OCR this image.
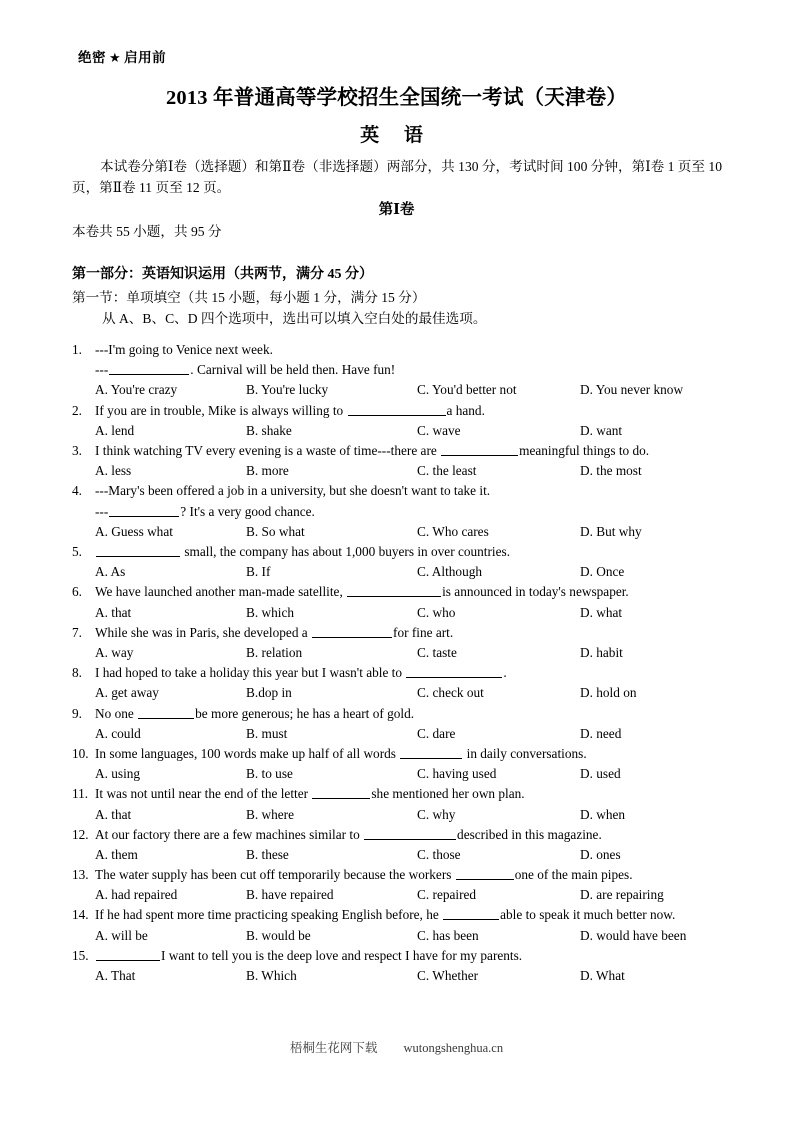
绝密 ★ 启用前
2013 年普通高等学校招生全国统一考试（天津卷）
英 语
本试卷分第Ⅰ卷（选择题）和第Ⅱ卷（非选择题）两部分，共 130 分，考试时间 100 分钟，第Ⅰ卷 1 页至 10 页，第Ⅱ卷 11 页至 12 页。
第Ⅰ卷
本卷共 55 小题，共 95 分
第一部分：英语知识运用（共两节，满分 45 分）
第一节：单项填空（共 15 小题，每小题 1 分，满分 15 分）
从 A、B、C、D 四个选项中，选出可以填入空白处的最佳选项。
1. ---I'm going to Venice next week.
---	. Carnival will be held then. Have fun!
A. You're crazy	B. You're lucky	C. You'd better not	D. You never know
2. If you are in trouble, Mike is always willing to	a hand.
A. lend	B. shake	C. wave	D. want
3. I think watching TV every evening is a waste of time---there are	meaningful things to do.
A. less	B. more	C. the least	D. the most
4. ---Mary's been offered a job in a university, but she doesn't want to take it.
---	? It's a very good chance.
A. Guess what	B. So what	C. Who cares	D. But why
5.	small, the company has about 1,000 buyers in over countries.
A. As	B. If	C. Although	D. Once
6. We have launched another man-made satellite,	is announced in today's newspaper.
A. that	B. which	C. who	D. what
7. While she was in Paris, she developed a	for fine art.
A. way	B. relation	C. taste	D. habit
8. I had hoped to take a holiday this year but I wasn't able to	.
A. get away	B.dop in	C. check out	D. hold on
9. No one	be more generous; he has a heart of gold.
A. could	B. must	C. dare	D. need
10. In some languages, 100 words make up half of all words	in daily conversations.
A. using	B. to use	C. having used	D. used
11. It was not until near the end of the letter	she mentioned her own plan.
A. that	B. where	C. why	D. when
12. At our factory there are a few machines similar to	described in this magazine.
A. them	B. these	C. those	D. ones
13. The water supply has been cut off temporarily because the workers	one of the main pipes.
A. had repaired	B. have repaired	C. repaired	D. are repairing
14. If he had spent more time practicing speaking English before, he	able to speak it much better now.
A. will be	B. would be	C. has been	D. would have been
15.	I want to tell you is the deep love and respect I have for my parents.
A. That	B. Which	C. Whether	D. What
梧桐生花网下载 wutongshenghua.cn
